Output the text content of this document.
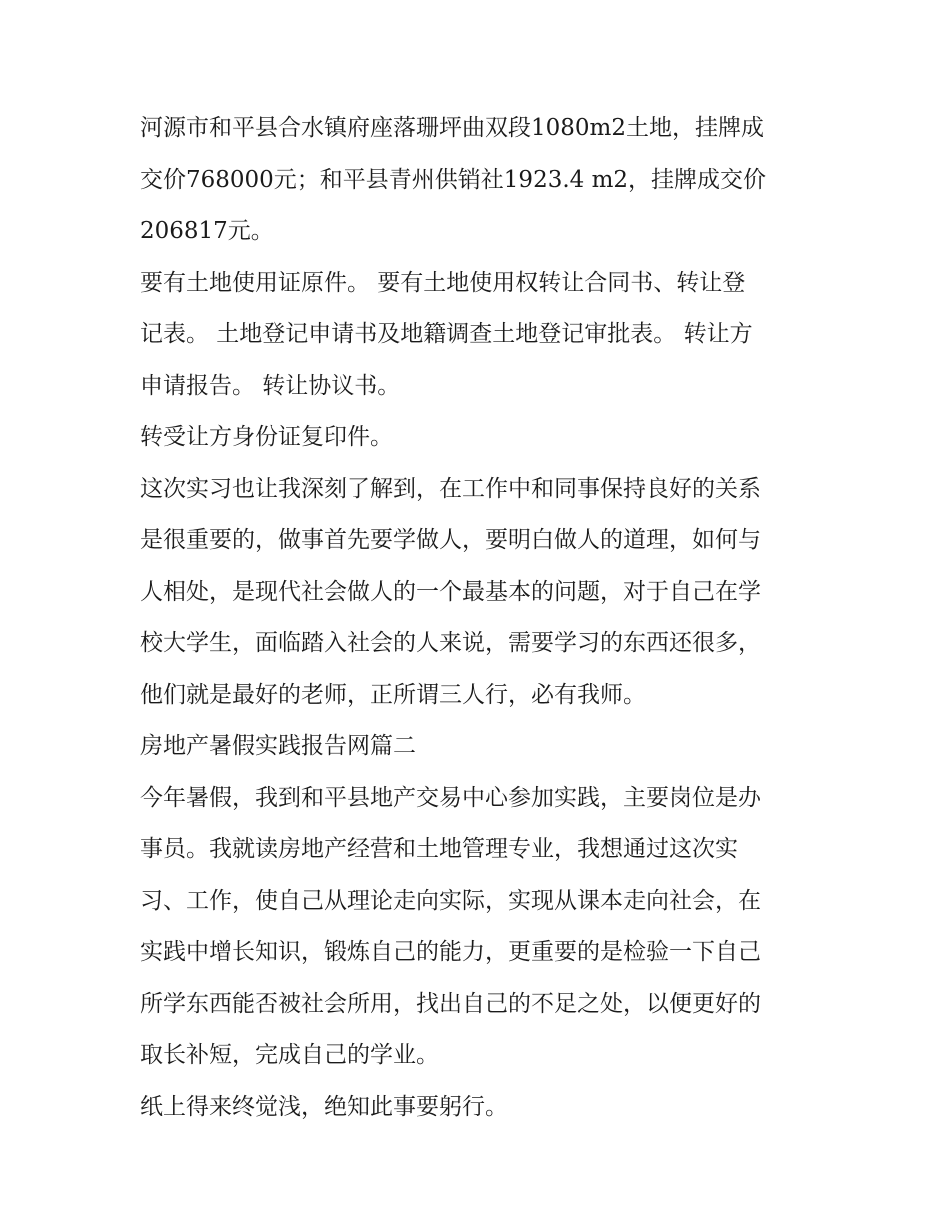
河源市和平县合水镇府座落珊坪曲双段1080m2土地，挂牌成
交价768000元；和平县青州供销社1923.4 m2，挂牌成交价
206817元。

要有土地使用证原件。 要有土地使用权转让合同书、转让登
记表。 土地登记申请书及地籍调查土地登记审批表。 转让方
申请报告。 转让协议书。

转受让方身份证复印件。

这次实习也让我深刻了解到，在工作中和同事保持良好的关系
是很重要的，做事首先要学做人，要明白做人的道理，如何与
人相处，是现代社会做人的一个最基本的问题，对于自己在学
校大学生，面临踏入社会的人来说，需要学习的东西还很多，
他们就是最好的老师，正所谓三人行，必有我师。

房地产暑假实践报告网篇二

今年暑假，我到和平县地产交易中心参加实践，主要岗位是办
事员。我就读房地产经营和土地管理专业，我想通过这次实
习、工作，使自己从理论走向实际，实现从课本走向社会，在
实践中增长知识，锻炼自己的能力，更重要的是检验一下自己
所学东西能否被社会所用，找出自己的不足之处，以便更好的
取长补短，完成自己的学业。

纸上得来终觉浅，绝知此事要躬行。
